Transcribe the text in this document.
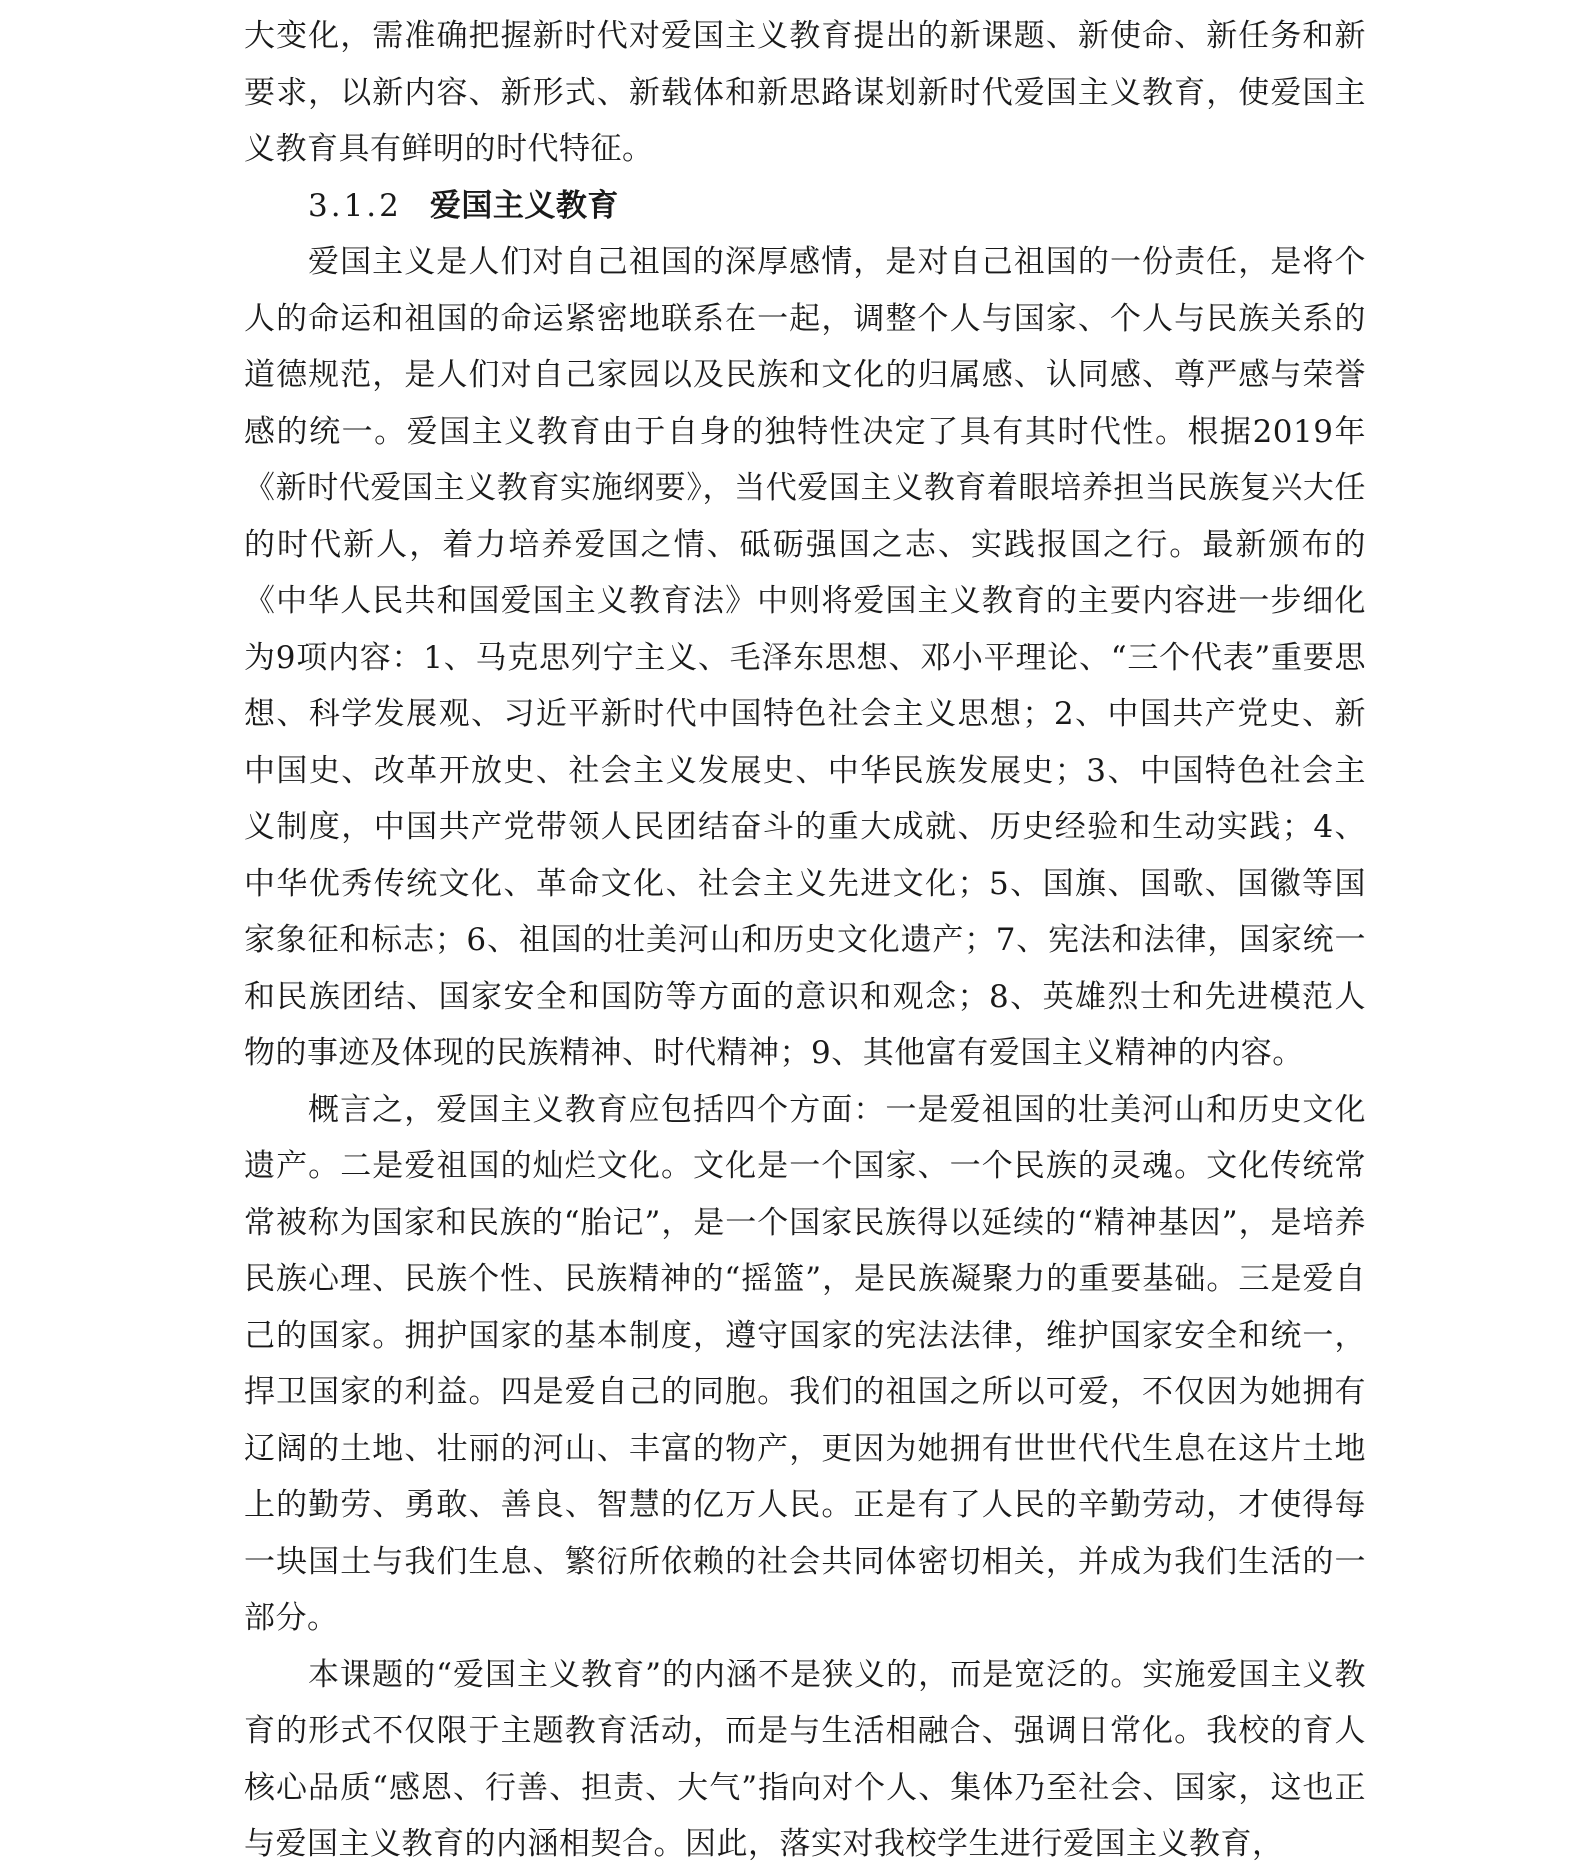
大变化，需准确把握新时代对爱国主义教育提出的新课题、新使命、新任务和新要求，以新内容、新形式、新载体和新思路谋划新时代爱国主义教育，使爱国主义教育具有鲜明的时代特征。

3.1.2 爱国主义教育

爱国主义是人们对自己祖国的深厚感情，是对自己祖国的一份责任，是将个人的命运和祖国的命运紧密地联系在一起，调整个人与国家、个人与民族关系的道德规范，是人们对自己家园以及民族和文化的归属感、认同感、尊严感与荣誉感的统一。爱国主义教育由于自身的独特性决定了具有其时代性。根据2019年《新时代爱国主义教育实施纲要》，当代爱国主义教育着眼培养担当民族复兴大任的时代新人，着力培养爱国之情、砥砺强国之志、实践报国之行。最新颁布的《中华人民共和国爱国主义教育法》中则将爱国主义教育的主要内容进一步细化为9项内容：1、马克思列宁主义、毛泽东思想、邓小平理论、“三个代表”重要思想、科学发展观、习近平新时代中国特色社会主义思想；2、中国共产党史、新中国史、改革开放史、社会主义发展史、中华民族发展史；3、中国特色社会主义制度，中国共产党带领人民团结奋斗的重大成就、历史经验和生动实践；4、中华优秀传统文化、革命文化、社会主义先进文化；5、国旗、国歌、国徽等国家象征和标志；6、祖国的壮美河山和历史文化遗产；7、宪法和法律，国家统一和民族团结、国家安全和国防等方面的意识和观念；8、英雄烈士和先进模范人物的事迹及体现的民族精神、时代精神；9、其他富有爱国主义精神的内容。

概言之，爱国主义教育应包括四个方面：一是爱祖国的壮美河山和历史文化遗产。二是爱祖国的灿烂文化。文化是一个国家、一个民族的灵魂。文化传统常常被称为国家和民族的“胎记”，是一个国家民族得以延续的“精神基因”，是培养民族心理、民族个性、民族精神的“摇篮”，是民族凝聚力的重要基础。三是爱自己的国家。拥护国家的基本制度，遵守国家的宪法法律，维护国家安全和统一，捍卫国家的利益。四是爱自己的同胞。我们的祖国之所以可爱，不仅因为她拥有辽阔的土地、壮丽的河山、丰富的物产，更因为她拥有世世代代生息在这片土地上的勤劳、勇敢、善良、智慧的亿万人民。正是有了人民的辛勤劳动，才使得每一块国土与我们生息、繁衍所依赖的社会共同体密切相关，并成为我们生活的一部分。

本课题的“爱国主义教育”的内涵不是狭义的，而是宽泛的。实施爱国主义教育的形式不仅限于主题教育活动，而是与生活相融合、强调日常化。我校的育人核心品质“感恩、行善、担责、大气”指向对个人、集体乃至社会、国家，这也正与爱国主义教育的内涵相契合。因此，落实对我校学生进行爱国主义教育，
